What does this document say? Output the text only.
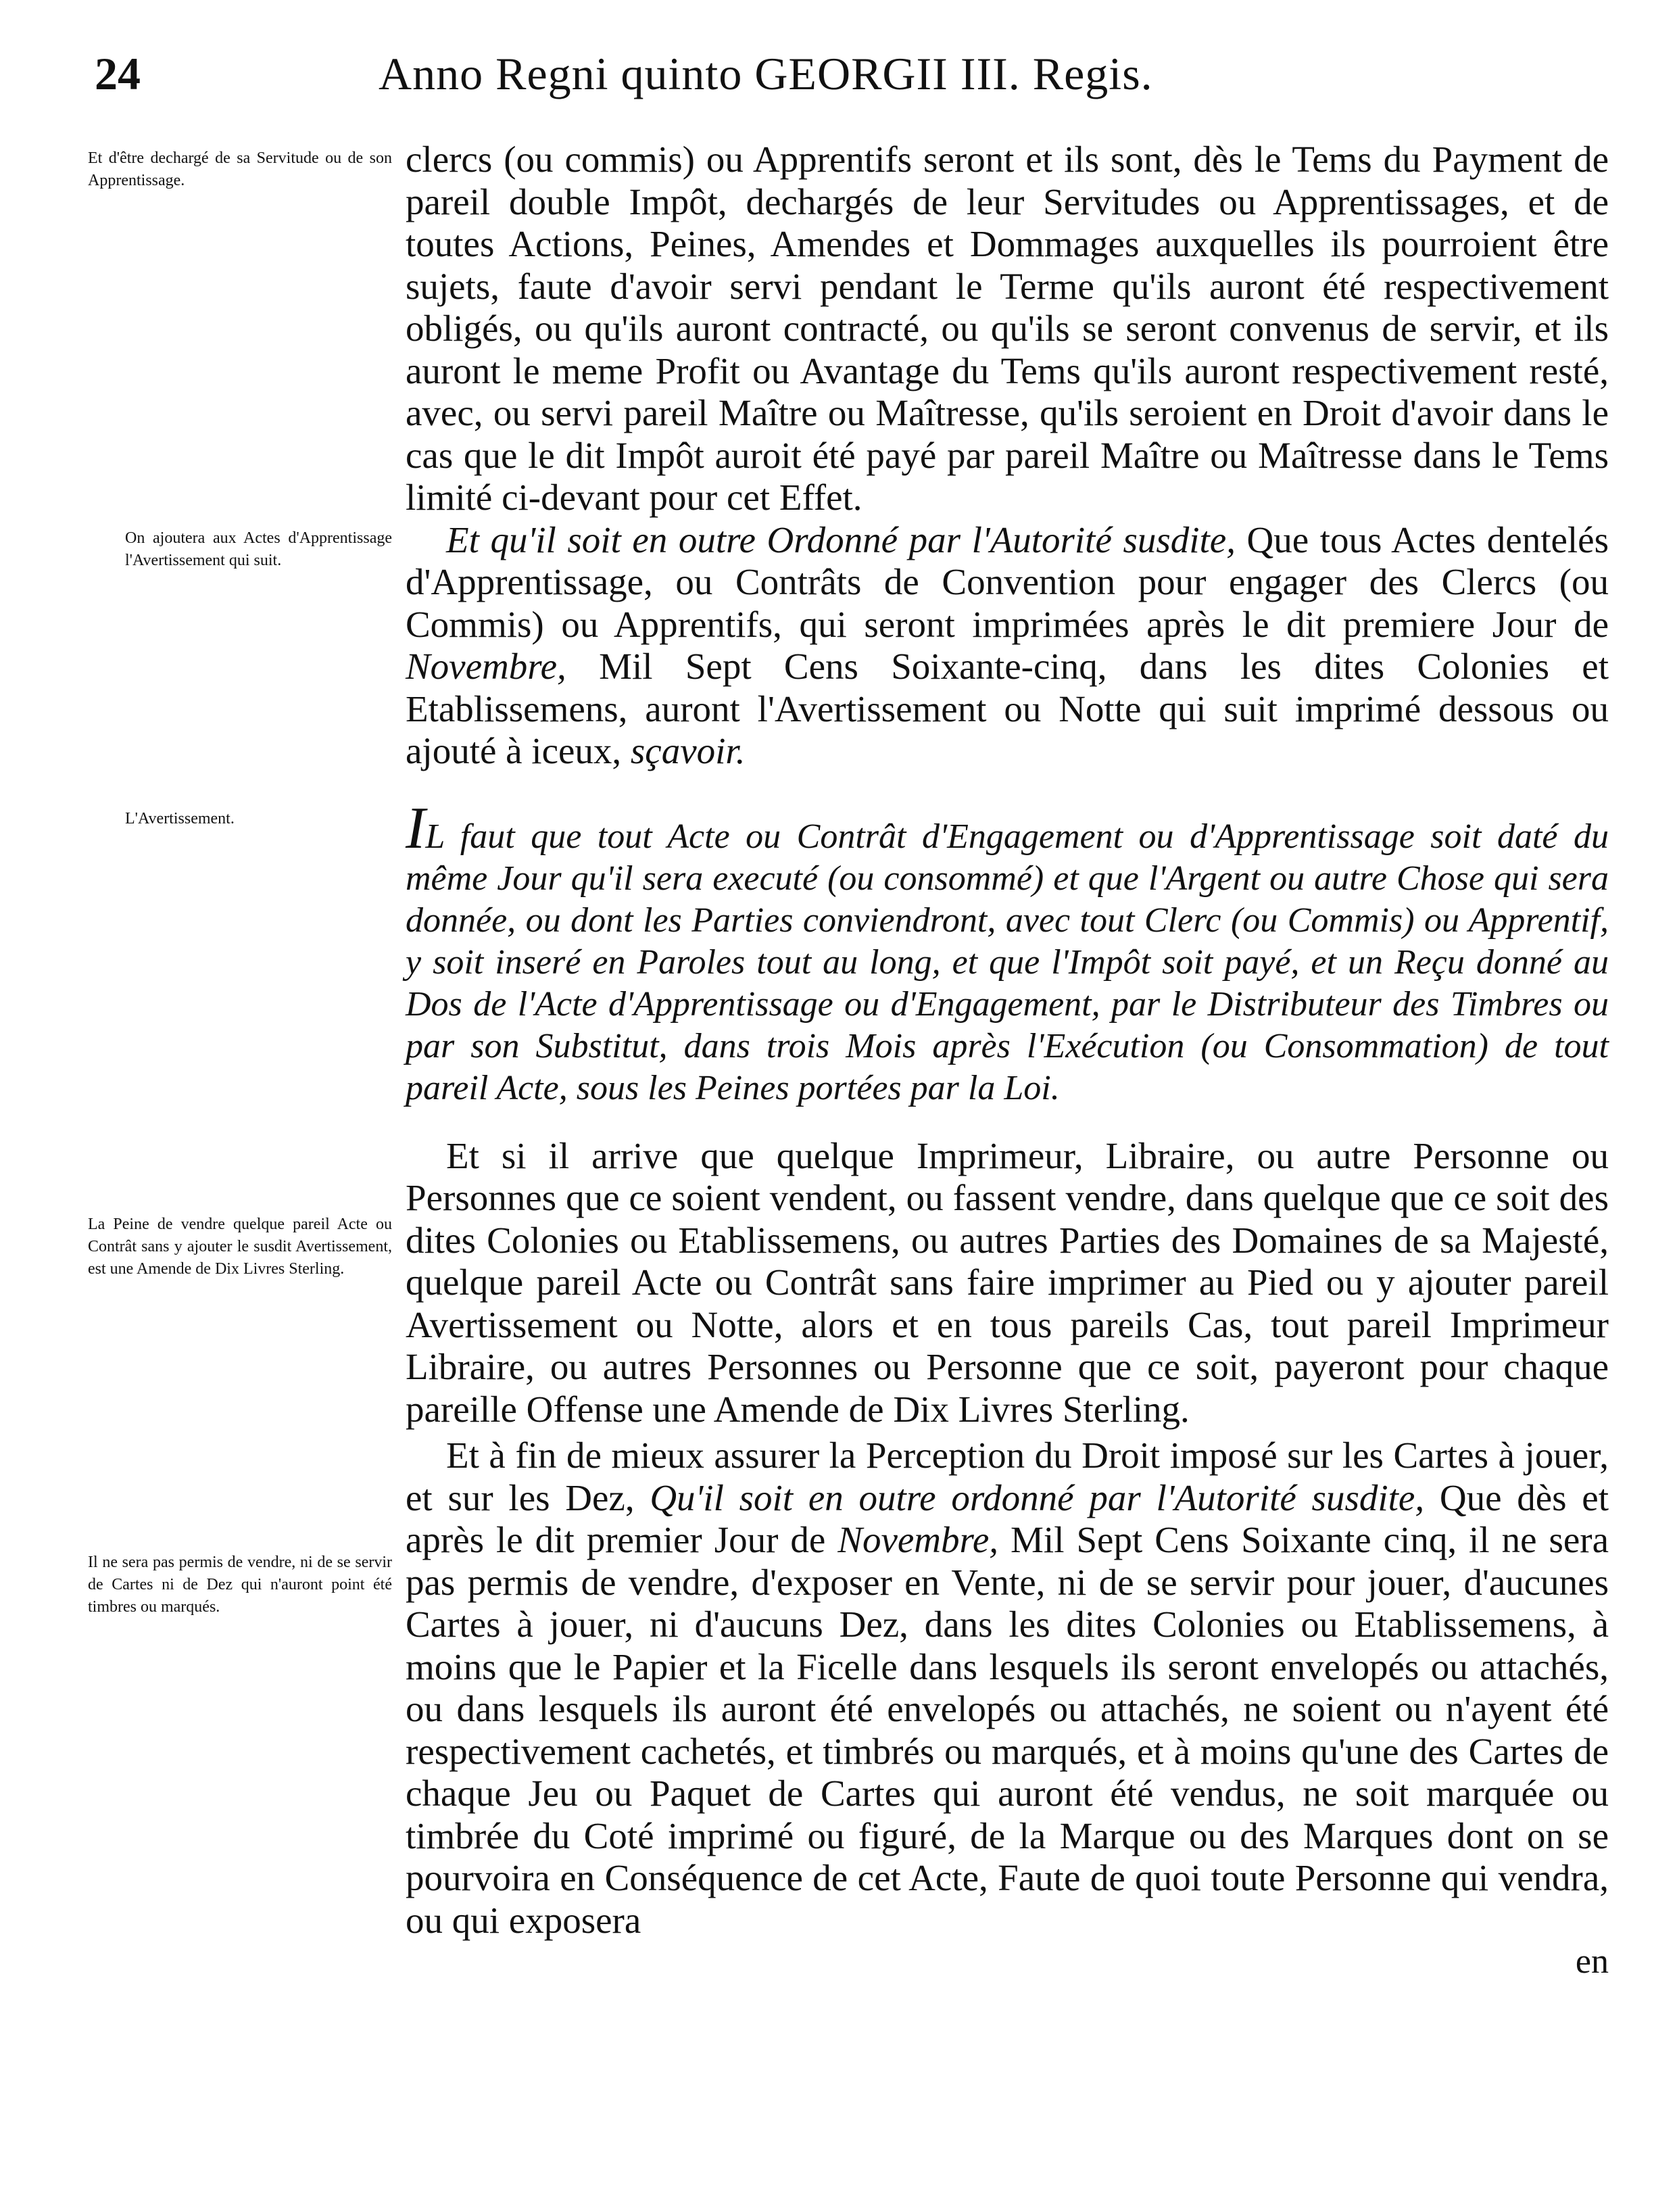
24	Anno Regni quinto GEORGII III. Regis.
Et d'être dechargé de sa Servitude ou de son Apprentissage.
On ajoutera aux Actes d'Apprentissage l'Avertissement qui suit.
L'Avertissement.
La Peine de vendre quelque pareil Acte ou Contrât sans y ajouter le susdit Avertissement, est une Amende de Dix Livres Sterling.
Il ne sera pas permis de vendre, ni de se servir de Cartes ni de Dez qui n'auront point été timbres ou marqués.

clercs (ou commis) ou Apprentifs seront et ils sont, dès le Tems du Payment de pareil double Impôt, dechargés de leur Servitudes ou Apprentissages, et de toutes Actions, Peines, Amendes et Dommages auxquelles ils pourroient être sujets, faute d'avoir servi pendant le Terme qu'ils auront été respectivement obligés, ou qu'ils auront contracté, ou qu'ils se seront convenus de servir, et ils auront le meme Profit ou Avantage du Tems qu'ils auront respectivement resté, avec, ou servi pareil Maître ou Maîtresse, qu'ils seroient en Droit d'avoir dans le cas que le dit Impôt auroit été payé par pareil Maître ou Maîtresse dans le Tems limité ci-devant pour cet Effet.

Et qu'il soit en outre Ordonné par l'Autorité susdite, Que tous Actes dentelés d'Apprentissage, ou Contrâts de Convention pour engager des Clercs (ou Commis) ou Apprentifs, qui seront imprimées après le dit premiere Jour de Novembre, Mil Sept Cens Soixante-cinq, dans les dites Colonies et Etablissemens, auront l'Avertissement ou Notte qui suit imprimé dessous ou ajouté à iceux, sçavoir.

IL faut que tout Acte ou Contrât d'Engagement ou d'Apprentissage soit daté du même Jour qu'il sera executé (ou consommé) et que l'Argent ou autre Chose qui sera donnée, ou dont les Parties conviendront, avec tout Clerc (ou Commis) ou Apprentif, y soit inseré en Paroles tout au long, et que l'Impôt soit payé, et un Reçu donné au Dos de l'Acte d'Apprentissage ou d'Engagement, par le Distributeur des Timbres ou par son Substitut, dans trois Mois après l'Exécution (ou Consommation) de tout pareil Acte, sous les Peines portées par la Loi.

Et si il arrive que quelque Imprimeur, Libraire, ou autre Personne ou Personnes que ce soient vendent, ou fassent vendre, dans quelque que ce soit des dites Colonies ou Etablissemens, ou autres Parties des Domaines de sa Majesté, quelque pareil Acte ou Contrât sans faire imprimer au Pied ou y ajouter pareil Avertissement ou Notte, alors et en tous pareils Cas, tout pareil Imprimeur Libraire, ou autres Personnes ou Personne que ce soit, payeront pour chaque pareille Offense une Amende de Dix Livres Sterling.

Et à fin de mieux assurer la Perception du Droit imposé sur les Cartes à jouer, et sur les Dez, Qu'il soit en outre ordonné par l'Autorité susdite, Que dès et après le dit premier Jour de Novembre, Mil Sept Cens Soixante cinq, il ne sera pas permis de vendre, d'exposer en Vente, ni de se servir pour jouer, d'aucunes Cartes à jouer, ni d'aucuns Dez, dans les dites Colonies ou Etablissemens, à moins que le Papier et la Ficelle dans lesquels ils seront envelopés ou attachés, ou dans lesquels ils auront été envelopés ou attachés, ne soient ou n'ayent été respectivement cachetés, et timbrés ou marqués, et à moins qu'une des Cartes de chaque Jeu ou Paquet de Cartes qui auront été vendus, ne soit marquée ou timbrée du Coté imprimé ou figuré, de la Marque ou des Marques dont on se pourvoira en Conséquence de cet Acte, Faute de quoi toute Personne qui vendra, ou qui exposera

en
